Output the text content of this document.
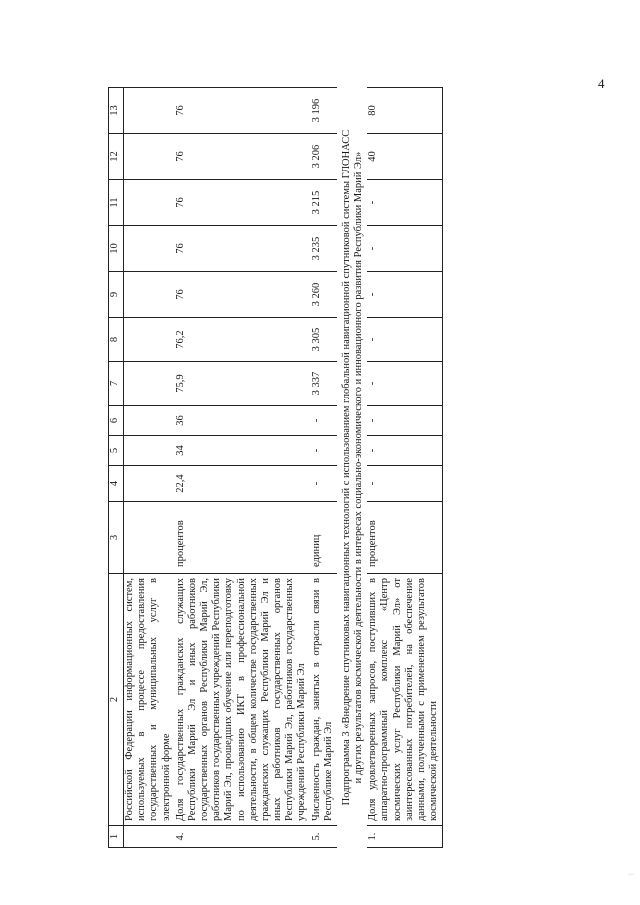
4
1	2	3	4	5	6	7	8	9	10	11	12	13
	Российской Федерации информационных систем, используемых в процессе предоставления государственных и муниципальных услуг в электронной форме											
4.	Доля государственных гражданских служащих Республики Марий Эл и иных работников государственных органов Республики Марий Эл, работников государственных учреждений Республики Марий Эл, прошедших обучение или переподготовку по использованию ИКТ в профессиональной деятельности, в общем количестве государственных гражданских служащих Республики Марий Эл и иных работников государственных органов Республики Марий Эл, работников государственных учреждений Республики Марий Эл	процентов	22,4	34	36	75,9	76,2	76	76	76	76	76
5.	Численность граждан, занятых в отрасли связи в Республике Марий Эл	единиц	-	-	-	3 337	3 305	3 260	3 235	3 215	3 206	3 196

Подпрограмма 3 «Внедрение спутниковых навигационных технологий с использованием глобальной навигационной спутниковой системы ГЛОНАСС и других результатов космической деятельности в интересах социально-экономического и инновационного развития Республики Марий Эл»												

1.	Доля удовлетворенных запросов, поступивших в аппаратно-программный комплекс «Центр космических услуг Республики Марий Эл» от заинтересованных потребителей, на обеспечение данными, полученными с применением результатов космической деятельности	процентов	-	-	-	-	-	-	-	-	40	80
···
